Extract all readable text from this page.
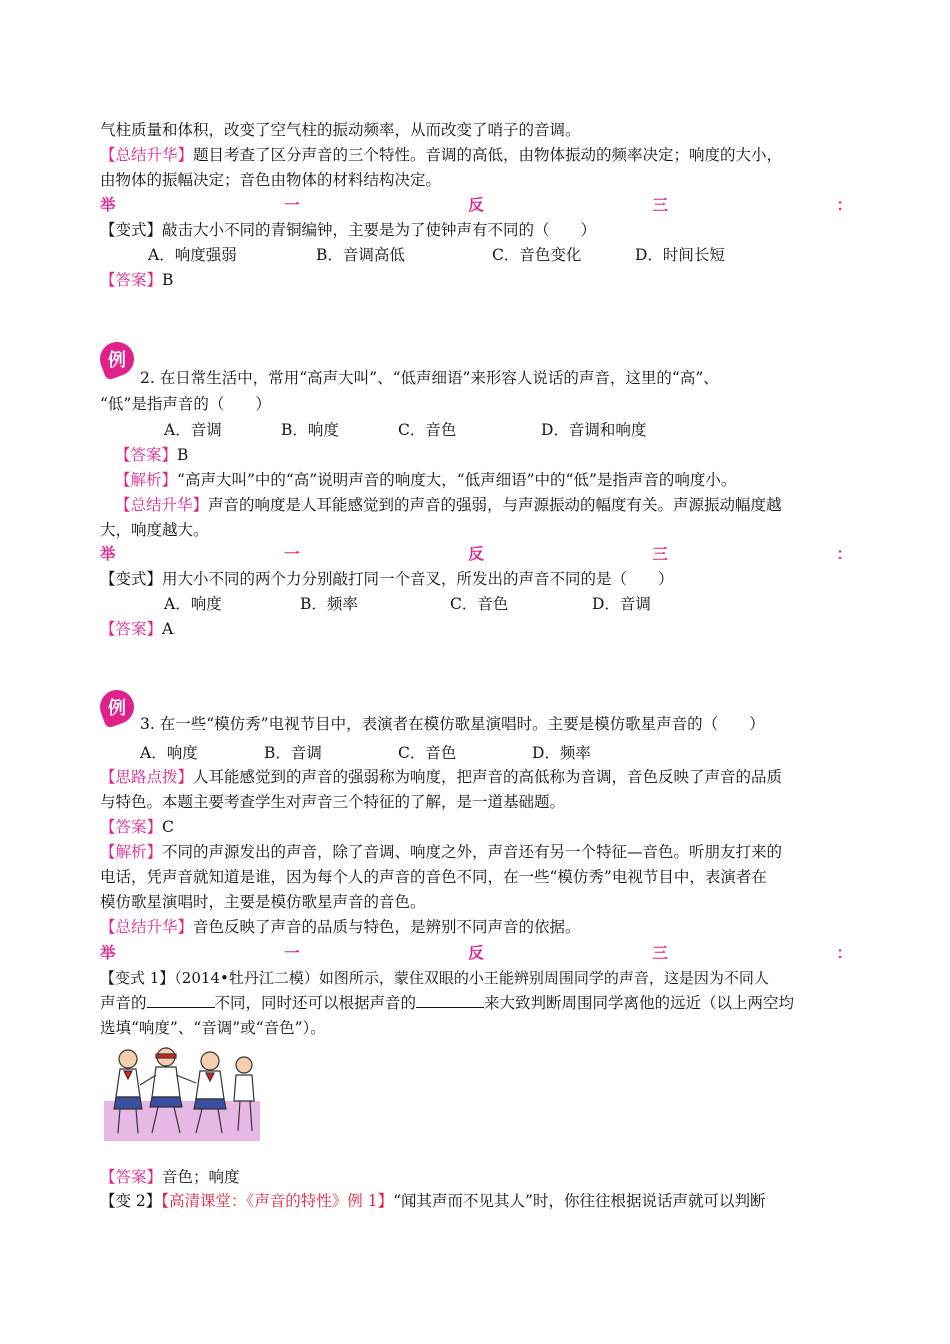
气柱质量和体积，改变了空气柱的振动频率，从而改变了哨子的音调。
【总结升华】题目考查了区分声音的三个特性。音调的高低，由物体振动的频率决定；响度的大小，
由物体的振幅决定；音色由物体的材料结构决定。
举	一	反	三	：
【变式】敲击大小不同的青铜编钟，主要是为了使钟声有不同的（　　）
A．响度强弱	B．音调高低	C．音色变化	D．时间长短
【答案】B
例
2. 在日常生活中，常用“高声大叫”、“低声细语”来形容人说话的声音，这里的“高”、
“低”是指声音的（　　）
A．音调	B．响度	C．音色	D．音调和响度
【答案】B
【解析】“高声大叫”中的“高”说明声音的响度大，“低声细语”中的“低”是指声音的响度小。
【总结升华】声音的响度是人耳能感觉到的声音的强弱，与声源振动的幅度有关。声源振动幅度越
大，响度越大。
举	一	反	三	：
【变式】用大小不同的两个力分别敲打同一个音叉，所发出的声音不同的是（　　）
A．响度	B．频率	C．音色	D．音调
【答案】A
例
3. 在一些“模仿秀”电视节目中，表演者在模仿歌星演唱时。主要是模仿歌星声音的（　　）
A．响度	B．音调	C．音色	D．频率
【思路点拨】人耳能感觉到的声音的强弱称为响度，把声音的高低称为音调，音色反映了声音的品质
与特色。本题主要考查学生对声音三个特征的了解，是一道基础题。
【答案】C
【解析】不同的声源发出的声音，除了音调、响度之外，声音还有另一个特征—音色。听朋友打来的
电话，凭声音就知道是谁，因为每个人的声音的音色不同，在一些“模仿秀”电视节目中，表演者在
模仿歌星演唱时，主要是模仿歌星声音的音色。
【总结升华】音色反映了声音的品质与特色，是辨别不同声音的依据。
举	一	反	三	：
【变式 1】（2014•牡丹江二模）如图所示，蒙住双眼的小王能辨别周围同学的声音，这是因为不同人
声音的	不同，同时还可以根据声音的	来大致判断周围同学离他的远近（以上两空均
选填“响度”、“音调”或“音色”）。
【答案】音色；响度
【变 2】【高清课堂：《声音的特性》例 1】“闻其声而不见其人”时，你往往根据说话声就可以判断
